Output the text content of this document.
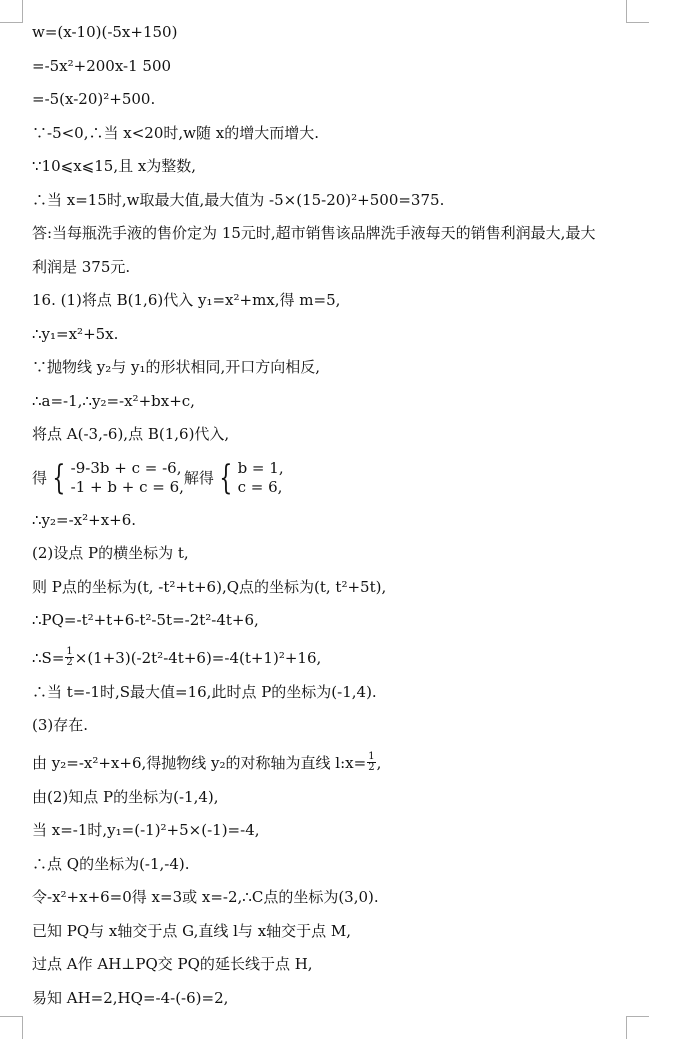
w=(x-10)(-5x+150)
=-5x²+200x-1 500
=-5(x-20)²+500.
∵-5<0,∴当 x<20时,w随 x的增大而增大.
∵10⩽x⩽15,且 x为整数,
∴当 x=15时,w取最大值,最大值为 -5×(15-20)²+500=375.
答:当每瓶洗手液的售价定为 15元时,超市销售该品牌洗手液每天的销售利润最大,最大
利润是 375元.
16. (1)将点 B(1,6)代入 y₁=x²+mx,得 m=5,
∴y₁=x²+5x.
∵抛物线 y₂与 y₁的形状相同,开口方向相反,
∴a=-1,∴y₂=-x²+bx+c,
将点 A(-3,-6),点 B(1,6)代入,
得 { -9-3b + c = -6,
-1 + b + c = 6, 解得 { b = 1,
c = 6,
∴y₂=-x²+x+6.
(2)设点 P的横坐标为 t,
则 P点的坐标为(t, -t²+t+6),Q点的坐标为(t, t²+5t),
∴PQ=-t²+t+6-t²-5t=-2t²-4t+6,
∴S= $\frac{1}{2} \times(1+3)(-2t^2-4t+6)=-4(t+1)^2+16$,
∴当 t=-1时,S最大值=16,此时点 P的坐标为(-1,4).
(3)存在.
由 y₂=-x²+x+6,得抛物线 y₂的对称轴为直线 l:x= $\frac{1}{2}$ ,
由(2)知点 P的坐标为(-1,4),
当 x=-1时,y₁=(-1)²+5×(-1)=-4,
∴点 Q的坐标为(-1,-4).
令-x²+x+6=0得 x=3或 x=-2,∴C点的坐标为(3,0).
已知 PQ与 x轴交于点 G,直线 l与 x轴交于点 M,
过点 A作 AH⊥PQ交 PQ的延长线于点 H,
易知 AH=2,HQ=-4-(-6)=2,
